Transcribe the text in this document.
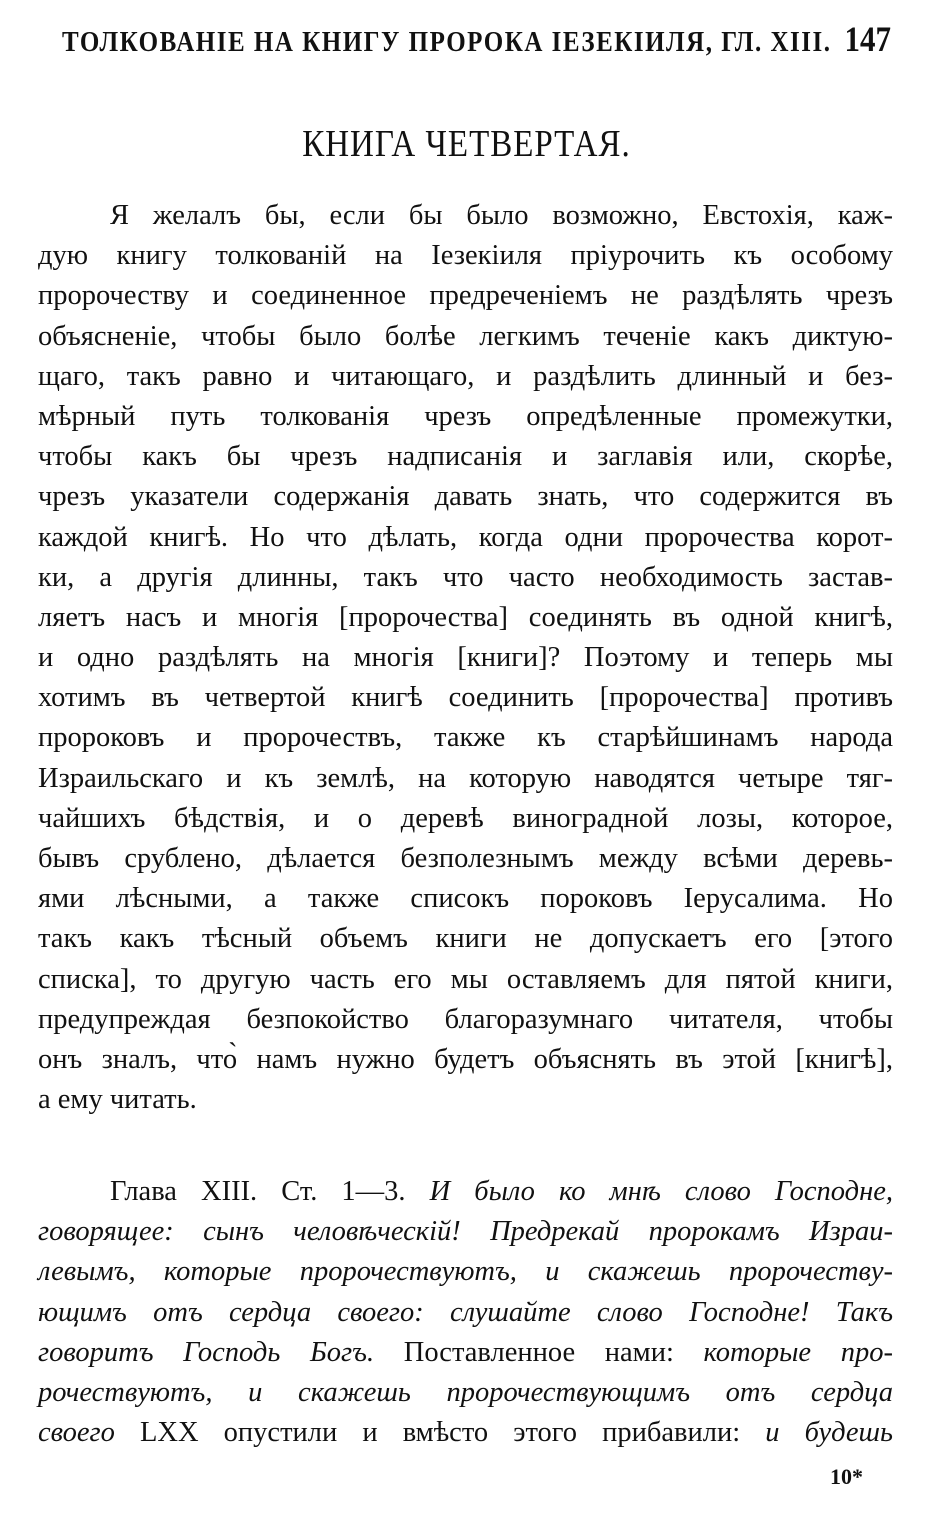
ТОЛКОВАНІЕ НА КНИГУ ПРОРОКА ІЕЗЕКІИЛЯ, ГЛ. XIII. 147
КНИГА ЧЕТВЕРТАЯ.
Я желалъ бы, если бы было возможно, Евстохія, каж-
дую книгу толкованій на Іезекіиля пріурочить къ особому
пророчеству и соединенное предреченіемъ не раздѣлять чрезъ
объясненіе, чтобы было болѣе легкимъ теченіе какъ диктую-
щаго, такъ равно и читающаго, и раздѣлить длинный и без-
мѣрный путь толкованія чрезъ опредѣленные промежутки,
чтобы какъ бы чрезъ надписанія и заглавія или, скорѣе,
чрезъ указатели содержанія давать знать, что содержится въ
каждой книгѣ. Но что дѣлать, когда одни пророчества корот-
ки, а другія длинны, такъ что часто необходимость застав-
ляетъ насъ и многія [пророчества] соединять въ одной книгѣ,
и одно раздѣлять на многія [книги]? Поэтому и теперь мы
хотимъ въ четвертой книгѣ соединить [пророчества] противъ
пророковъ и пророчествъ, также къ старѣйшинамъ народа
Израильскаго и къ землѣ, на которую наводятся четыре тяг-
чайшихъ бѣдствія, и о деревѣ виноградной лозы, которое,
бывъ срублено, дѣлается безполезнымъ между всѣми деревь-
ями лѣсными, а также списокъ пороковъ Іерусалима. Но
такъ какъ тѣсный объемъ книги не допускаетъ его [этого
списка], то другую часть его мы оставляемъ для пятой книги,
предупреждая безпокойство благоразумнаго читателя, чтобы
онъ зналъ, что̀ намъ нужно будетъ объяснять въ этой [книгѣ],
а ему читать.
Глава XIII. Ст. 1—3. И было ко мнѣ слово Господне,
говорящее: сынъ человѣческій! Предрекай пророкамъ Израи-
левымъ, которые пророчествуютъ, и скажешь пророчеству-
ющимъ отъ сердца своего: слушайте слово Господне! Такъ
говоритъ Господь Богъ. Поставленное нами: которые про-
рочествуютъ, и скажешь пророчествующимъ отъ сердца
своего LXX опустили и вмѣсто этого прибавили: и будешь
10*
